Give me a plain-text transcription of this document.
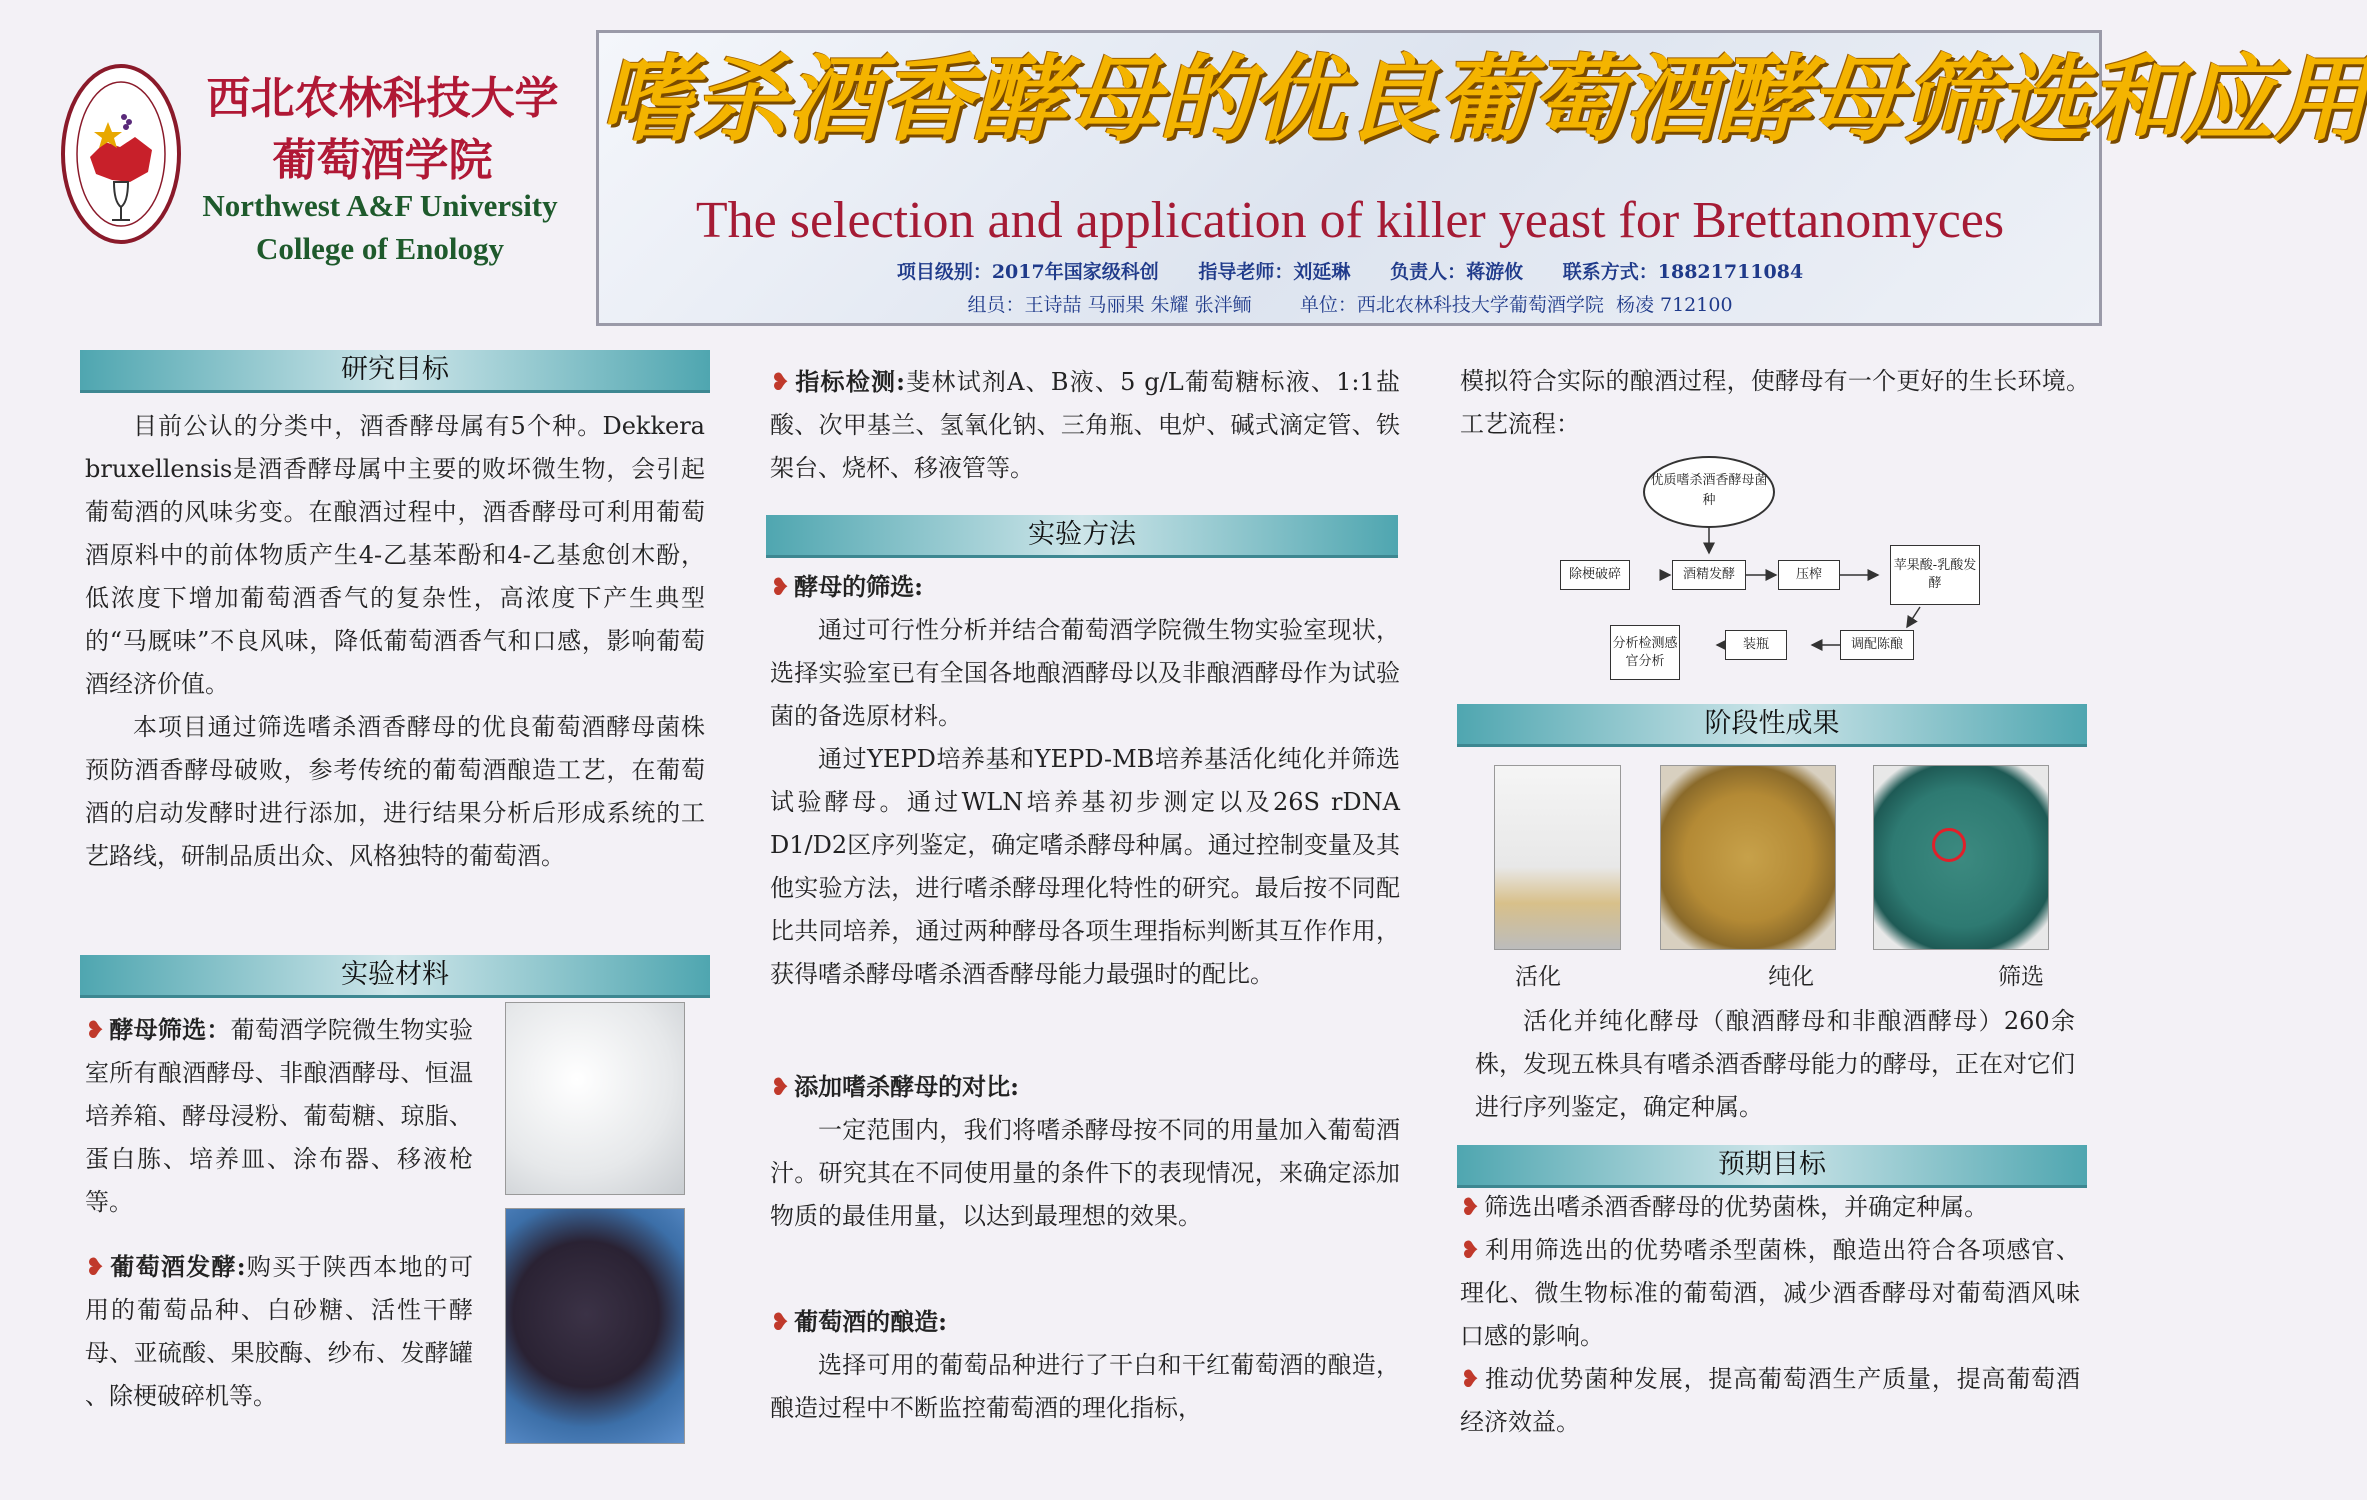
西北农林科技大学
葡萄酒学院
Northwest A&F University
College of Enology
嗜杀酒香酵母的优良葡萄酒酵母筛选和应用
The selection and application of killer yeast for Brettanomyces
项目级别：2017年国家级科创      指导老师：刘延琳      负责人：蒋游攸      联系方式：18821711084
组员：王诗喆 马丽果 朱耀 张泮鲕        单位：西北农林科技大学葡萄酒学院  杨凌 712100
研究目标
目前公认的分类中，酒香酵母属有5个种。Dekkera bruxellensis是酒香酵母属中主要的败坏微生物，会引起葡萄酒的风味劣变。在酿酒过程中，酒香酵母可利用葡萄酒原料中的前体物质产生4-乙基苯酚和4-乙基愈创木酚，低浓度下增加葡萄酒香气的复杂性，高浓度下产生典型的“马厩味”不良风味，降低葡萄酒香气和口感，影响葡萄酒经济价值。
本项目通过筛选嗜杀酒香酵母的优良葡萄酒酵母菌株预防酒香酵母破败，参考传统的葡萄酒酿造工艺，在葡萄酒的启动发酵时进行添加，进行结果分析后形成系统的工艺路线，研制品质出众、风格独特的葡萄酒。
实验材料
❥ 酵母筛选：葡萄酒学院微生物实验室所有酿酒酵母、非酿酒酵母、恒温培养箱、酵母浸粉、葡萄糖、琼脂、蛋白胨、培养皿、涂布器、移液枪等。
❥ 葡萄酒发酵:购买于陕西本地的可用的葡萄品种、白砂糖、活性干酵母、亚硫酸、果胶酶、纱布、发酵罐 、除梗破碎机等。
❥ 指标检测:斐林试剂A、B液、5 g/L葡萄糖标液、1:1盐酸、次甲基兰、氢氧化钠、三角瓶、电炉、碱式滴定管、铁架台、烧杯、移液管等。
实验方法
❥ 酵母的筛选:
通过可行性分析并结合葡萄酒学院微生物实验室现状，选择实验室已有全国各地酿酒酵母以及非酿酒酵母作为试验菌的备选原材料。
通过YEPD培养基和YEPD-MB培养基活化纯化并筛选试验酵母。通过WLN培养基初步测定以及26S rDNA D1/D2区序列鉴定，确定嗜杀酵母种属。通过控制变量及其他实验方法，进行嗜杀酵母理化特性的研究。最后按不同配比共同培养，通过两种酵母各项生理指标判断其互作作用，获得嗜杀酵母嗜杀酒香酵母能力最强时的配比。
❥ 添加嗜杀酵母的对比:
一定范围内，我们将嗜杀酵母按不同的用量加入葡萄酒汁。研究其在不同使用量的条件下的表现情况，来确定添加物质的最佳用量，以达到最理想的效果。
❥ 葡萄酒的酿造:
选择可用的葡萄品种进行了干白和干红葡萄酒的酿造，酿造过程中不断监控葡萄酒的理化指标，
模拟符合实际的酿酒过程，使酵母有一个更好的生长环境。工艺流程：
优质嗜杀酒香酵母菌种
除梗破碎	酒精发酵	压榨
苹果酸-乳酸发酵
分析检测感官分析
装瓶	调配陈酿
阶段性成果
活化	纯化	筛选
活化并纯化酵母（酿酒酵母和非酿酒酵母）260余株，发现五株具有嗜杀酒香酵母能力的酵母，正在对它们进行序列鉴定，确定种属。
预期目标
❥ 筛选出嗜杀酒香酵母的优势菌株，并确定种属。
❥ 利用筛选出的优势嗜杀型菌株，酿造出符合各项感官、理化、微生物标准的葡萄酒，减少酒香酵母对葡萄酒风味口感的影响。
❥ 推动优势菌种发展，提高葡萄酒生产质量，提高葡萄酒经济效益。
